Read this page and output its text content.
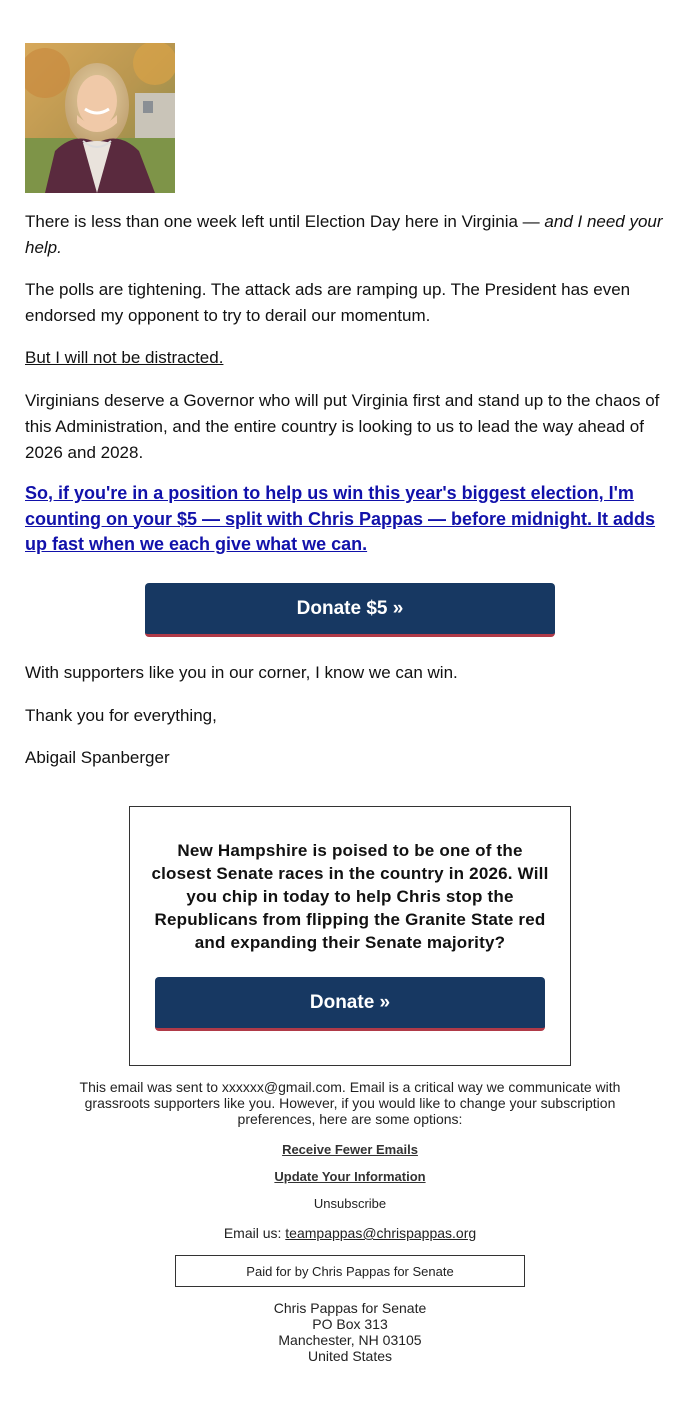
There is less than one week left until Election Day here in Virginia — and I need your help.

The polls are tightening. The attack ads are ramping up. The President has even endorsed my opponent to try to derail our momentum.

But I will not be distracted.

Virginians deserve a Governor who will put Virginia first and stand up to the chaos of this Administration, and the entire country is looking to us to lead the way ahead of 2026 and 2028.

So, if you're in a position to help us win this year's biggest election, I'm counting on your $5 — split with Chris Pappas — before midnight. It adds up fast when we each give what we can.

Donate $5 »

With supporters like you in our corner, I know we can win.

Thank you for everything,

Abigail Spanberger

New Hampshire is poised to be one of the closest Senate races in the country in 2026. Will you chip in today to help Chris stop the Republicans from flipping the Granite State red and expanding their Senate majority?

Donate »
This email was sent to xxxxxx@gmail.com. Email is a critical way we communicate with grassroots supporters like you. However, if you would like to change your subscription preferences, here are some options:
Receive Fewer Emails
Update Your Information
Unsubscribe
Email us: teampappas@chrispappas.org
Paid for by Chris Pappas for Senate
Chris Pappas for Senate
PO Box 313
Manchester, NH 03105
United States
